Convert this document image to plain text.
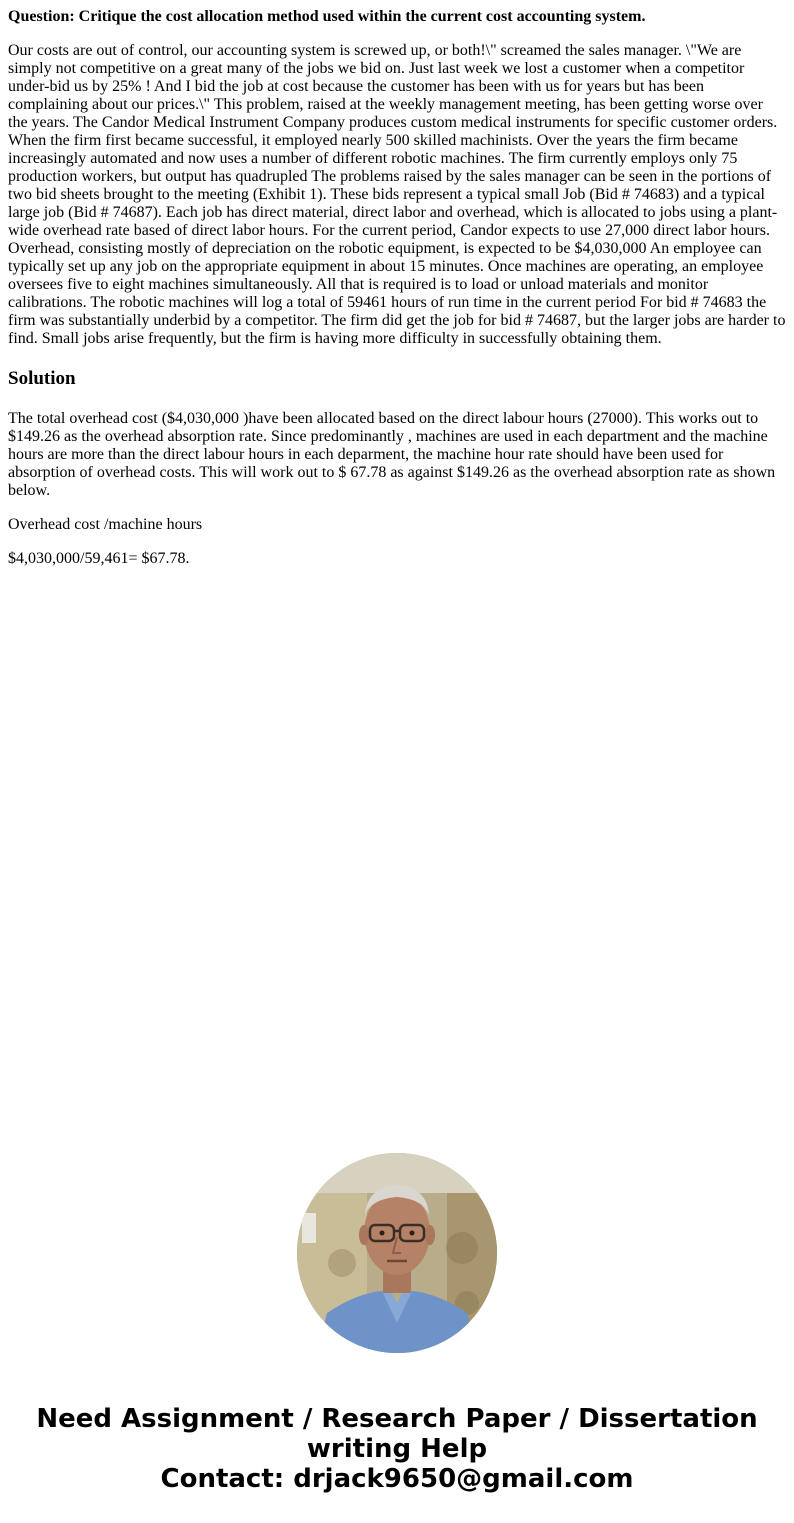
Question: Critique the cost allocation method used within the current cost accounting system.

Our costs are out of control, our accounting system is screwed up, or both!\" screamed the sales manager. \"We are simply not competitive on a great many of the jobs we bid on. Just last week we lost a customer when a competitor under-bid us by 25% ! And I bid the job at cost because the customer has been with us for years but has been complaining about our prices.\" This problem, raised at the weekly management meeting, has been getting worse over the years. The Candor Medical Instrument Company produces custom medical instruments for specific customer orders. When the firm first became successful, it employed nearly 500 skilled machinists. Over the years the firm became increasingly automated and now uses a number of different robotic machines. The firm currently employs only 75 production workers, but output has quadrupled The problems raised by the sales manager can be seen in the portions of two bid sheets brought to the meeting (Exhibit 1). These bids represent a typical small Job (Bid # 74683) and a typical large job (Bid # 74687). Each job has direct material, direct labor and overhead, which is allocated to jobs using a plant-wide overhead rate based of direct labor hours. For the current period, Candor expects to use 27,000 direct labor hours. Overhead, consisting mostly of depreciation on the robotic equipment, is expected to be $4,030,000 An employee can typically set up any job on the appropriate equipment in about 15 minutes. Once machines are operating, an employee oversees five to eight machines simultaneously. All that is required is to load or unload materials and monitor calibrations. The robotic machines will log a total of 59461 hours of run time in the current period For bid # 74683 the firm was substantially underbid by a competitor. The firm did get the job for bid # 74687, but the larger jobs are harder to find. Small jobs arise frequently, but the firm is having more difficulty in successfully obtaining them.

Solution

The total overhead cost ($4,030,000 )have been allocated based on the direct labour hours (27000). This works out to $149.26 as the overhead absorption rate. Since predominantly , machines are used in each department and the machine hours are more than the direct labour hours in each deparment, the machine hour rate should have been used for absorption of overhead costs. This will work out to $ 67.78 as against $149.26 as the overhead absorption rate as shown below.

Overhead cost /machine hours

$4,030,000/59,461= $67.78.

Need Assignment / Research Paper / Dissertation
writing Help
Contact: drjack9650@gmail.com
